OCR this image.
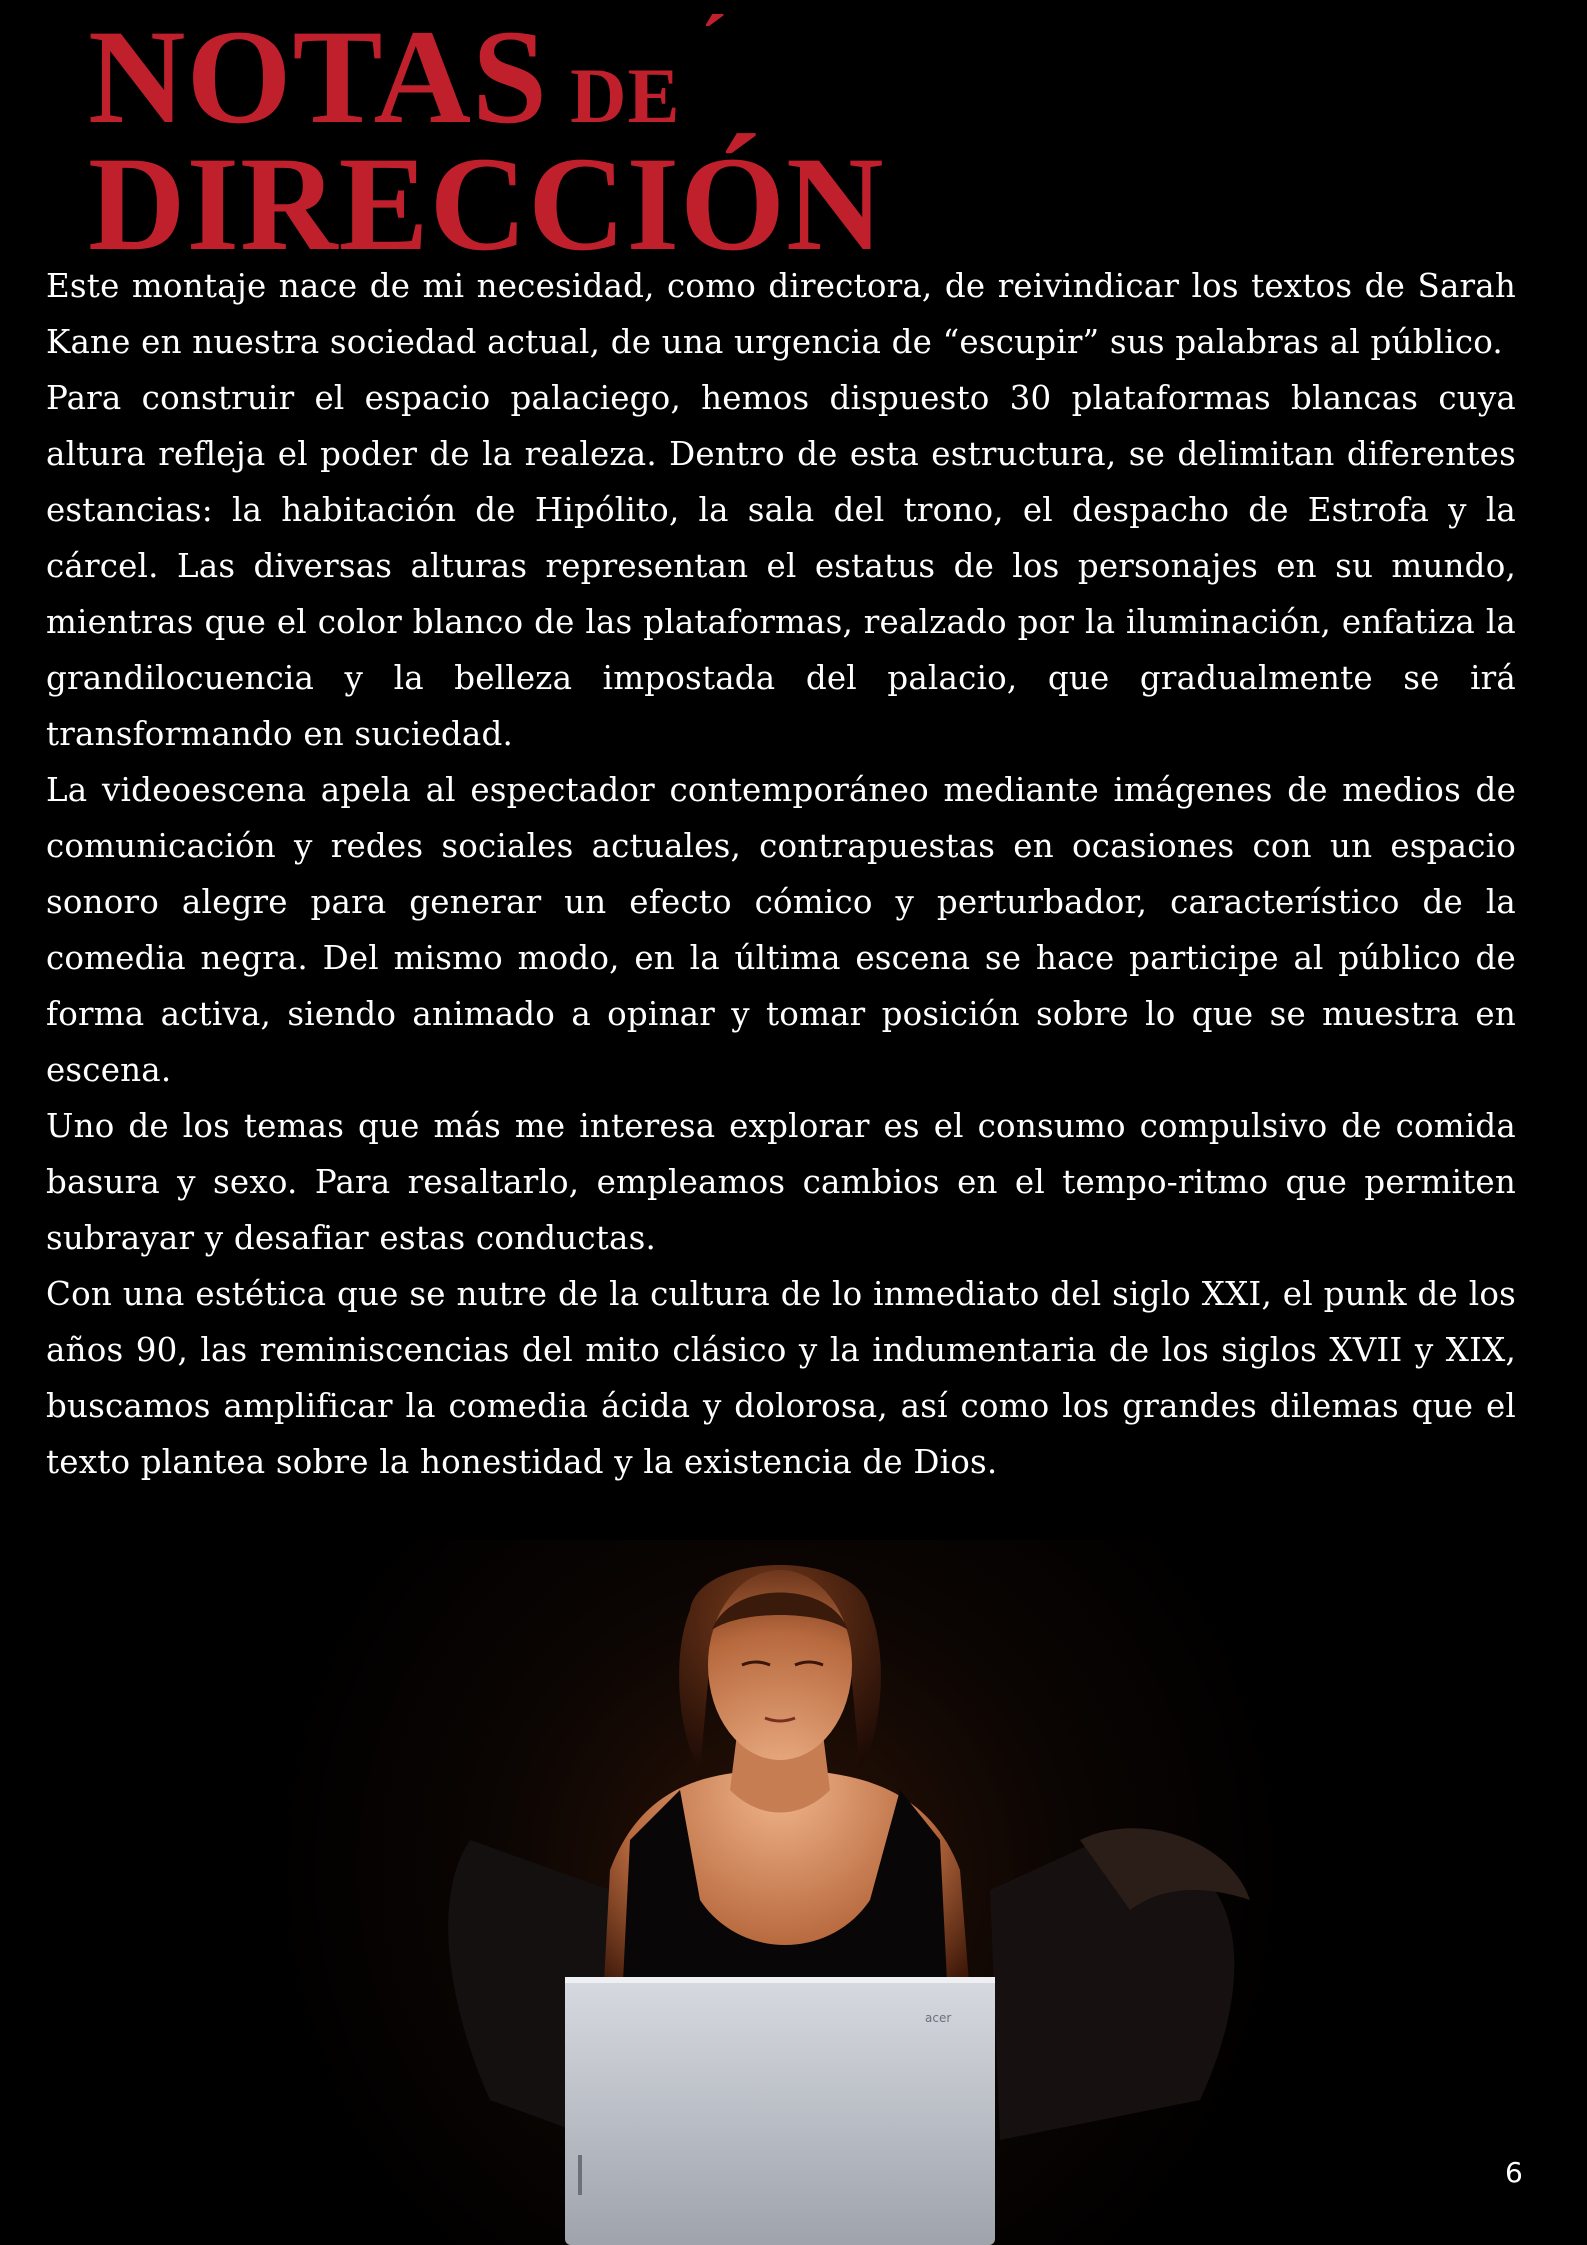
NOTAS DE
´
DIRECCIÓN
acer

Este montaje nace de mi necesidad, como directora, de reivindicar los textos de Sarah Kane en nuestra sociedad actual, de una urgencia de “escupir” sus palabras al público.

Para construir el espacio palaciego, hemos dispuesto 30 plataformas blancas cuya altura refleja el poder de la realeza. Dentro de esta estructura, se delimitan diferentes estancias: la habitación de Hipólito, la sala del trono, el despacho de Estrofa y la cárcel. Las diversas alturas representan el estatus de los personajes en su mundo, mientras que el color blanco de las plataformas, realzado por la iluminación, enfatiza la grandilocuencia y la belleza impostada del palacio, que gradualmente se irá transformando en suciedad.

La videoescena apela al espectador contemporáneo mediante imágenes de medios de comunicación y redes sociales actuales, contrapuestas en ocasiones con un espacio sonoro alegre para generar un efecto cómico y perturbador, característico de la comedia negra. Del mismo modo, en la última escena se hace participe al público de forma activa, siendo animado a opinar y tomar posición sobre lo que se muestra en escena.

Uno de los temas que más me interesa explorar es el consumo compulsivo de comida basura y sexo. Para resaltarlo, empleamos cambios en el tempo-ritmo que permiten subrayar y desafiar estas conductas.

Con una estética que se nutre de la cultura de lo inmediato del siglo XXI, el punk de los años 90, las reminiscencias del mito clásico y la indumentaria de los siglos XVII y XIX, buscamos amplificar la comedia ácida y dolorosa, así como los grandes dilemas que el texto plantea sobre la honestidad y la existencia de Dios.

6
